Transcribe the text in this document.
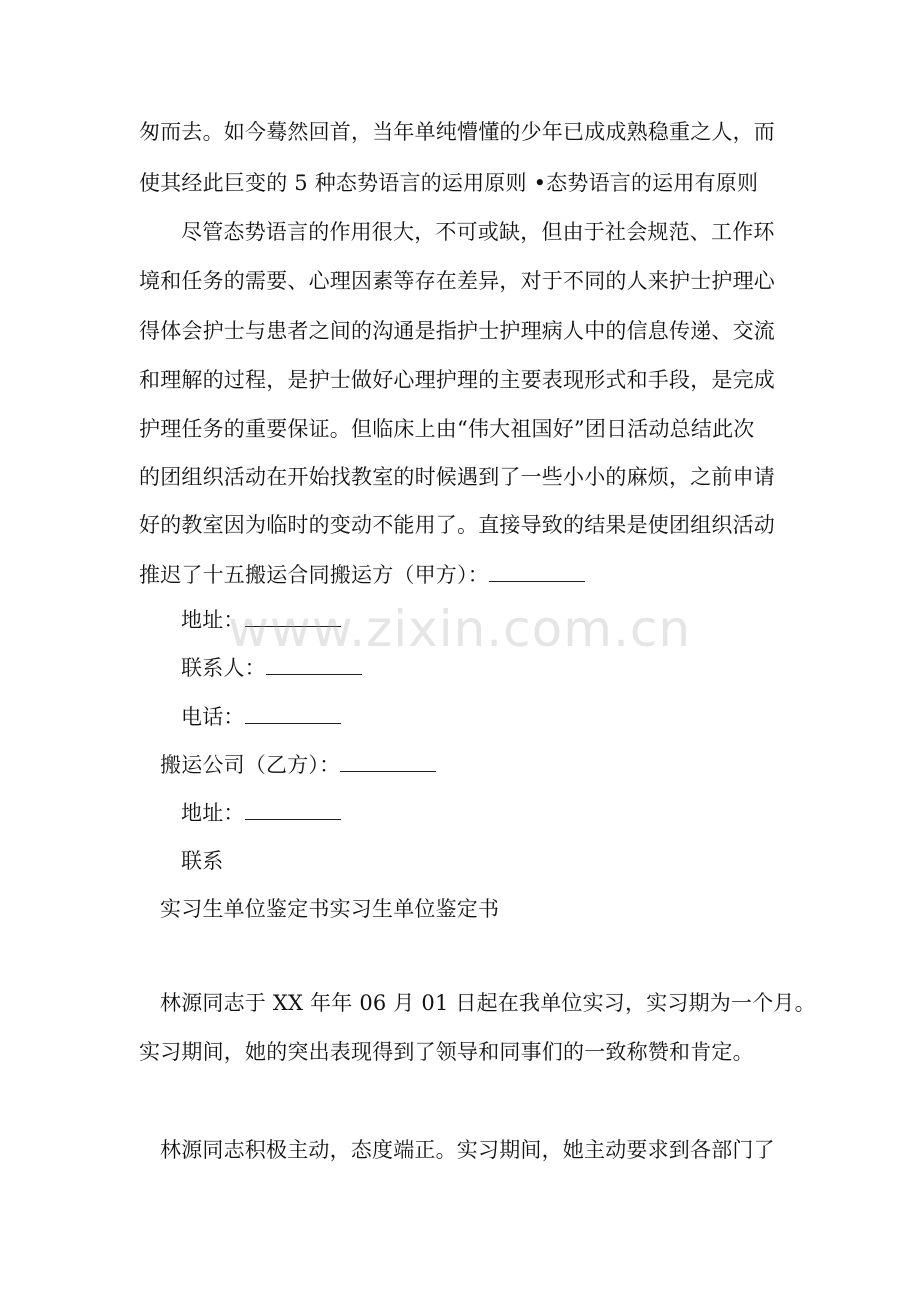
匆而去。如今蓦然回首，当年单纯懵懂的少年已成成熟稳重之人，而
使其经此巨变的 5 种态势语言的运用原则 •态势语言的运用有原则
尽管态势语言的作用很大，不可或缺，但由于社会规范、工作环
境和任务的需要、心理因素等存在差异，对于不同的人来护士护理心
得体会护士与患者之间的沟通是指护士护理病人中的信息传递、交流
和理解的过程，是护士做好心理护理的主要表现形式和手段，是完成
护理任务的重要保证。但临床上由“伟大祖国好”团日活动总结此次
的团组织活动在开始找教室的时候遇到了一些小小的麻烦，之前申请
好的教室因为临时的变动不能用了。直接导致的结果是使团组织活动
推迟了十五搬运合同搬运方（甲方）：
地址：
联系人：
电话：
搬运公司（乙方）：
地址：
联系
实习生单位鉴定书实习生单位鉴定书
林源同志于 XX 年年 06 月 01 日起在我单位实习，实习期为一个月。
实习期间，她的突出表现得到了领导和同事们的一致称赞和肯定。
林源同志积极主动，态度端正。实习期间，她主动要求到各部门了
www.zixin.com.cn
